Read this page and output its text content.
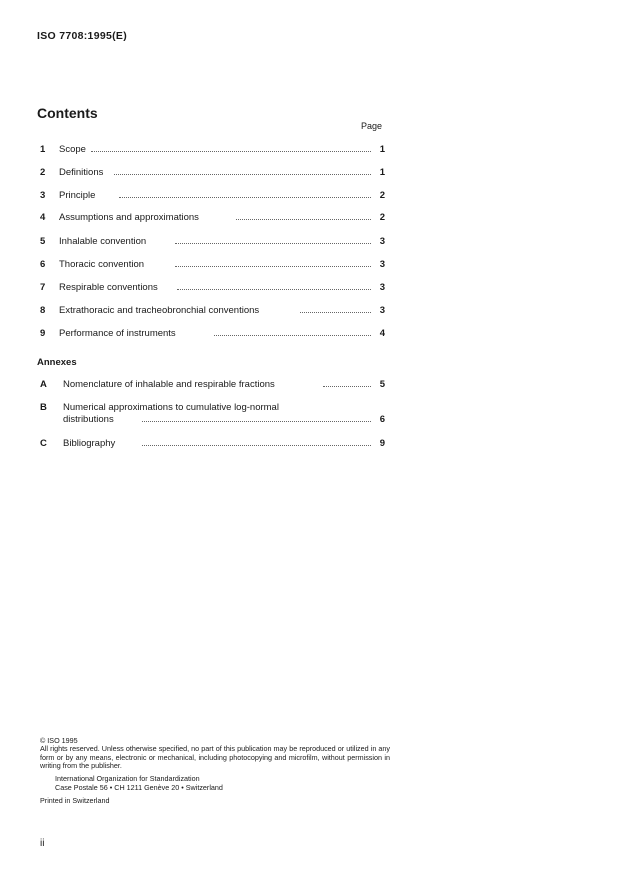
ISO 7708:1995(E)
Contents
Page
1 Scope	1
2 Definitions	1
3 Principle	2
4 Assumptions and approximations	2
5 Inhalable convention	3
6 Thoracic convention	3
7 Respirable conventions	3
8 Extrathoracic and tracheobronchial conventions	3
9 Performance of instruments	4
Annexes
A Nomenclature of inhalable and respirable fractions	5
B Numerical approximations to cumulative log-normal
distributions	6
C Bibliography	9
© ISO 1995
All rights reserved. Unless otherwise specified, no part of this publication may be reproduced or utilized in any form or by any means, electronic or mechanical, including photocopying and microfilm, without permission in writing from the publisher.
International Organization for Standardization
Case Postale 56 • CH 1211 Genève 20 • Switzerland
Printed in Switzerland
ii
